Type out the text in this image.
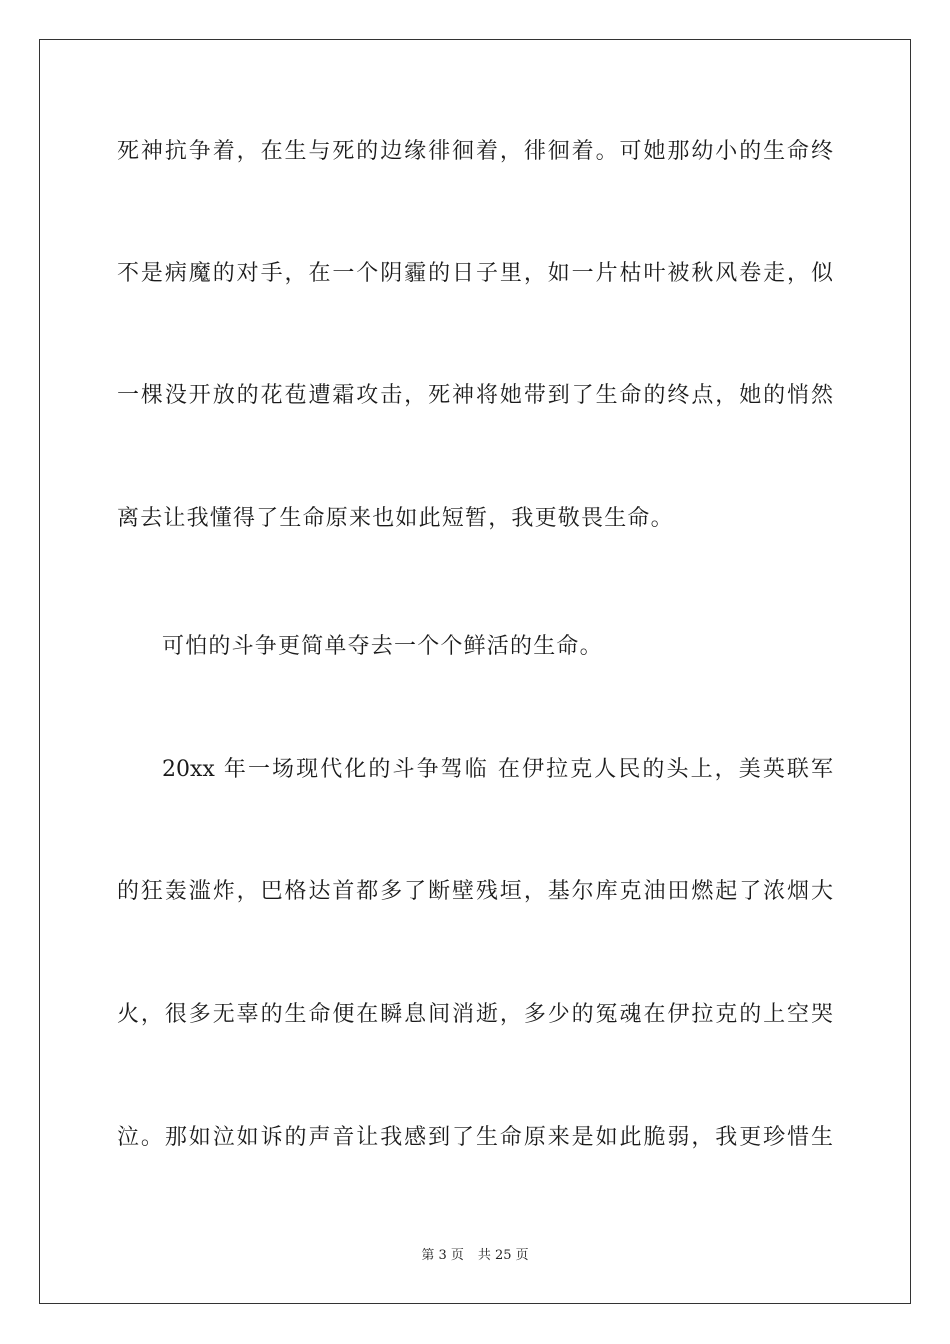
死神抗争着，在生与死的边缘徘徊着，徘徊着。可她那幼小的生命终
不是病魔的对手，在一个阴霾的日子里，如一片枯叶被秋风卷走，似
一棵没开放的花苞遭霜攻击，死神将她带到了生命的终点，她的悄然
离去让我懂得了生命原来也如此短暂，我更敬畏生命。
可怕的斗争更简单夺去一个个鲜活的生命。
20xx 年一场现代化的斗争驾临 在伊拉克人民的头上，美英联军
的狂轰滥炸，巴格达首都多了断壁残垣，基尔库克油田燃起了浓烟大
火，很多无辜的生命便在瞬息间消逝，多少的冤魂在伊拉克的上空哭
泣。那如泣如诉的声音让我感到了生命原来是如此脆弱，我更珍惜生
第 3 页 共 25 页
